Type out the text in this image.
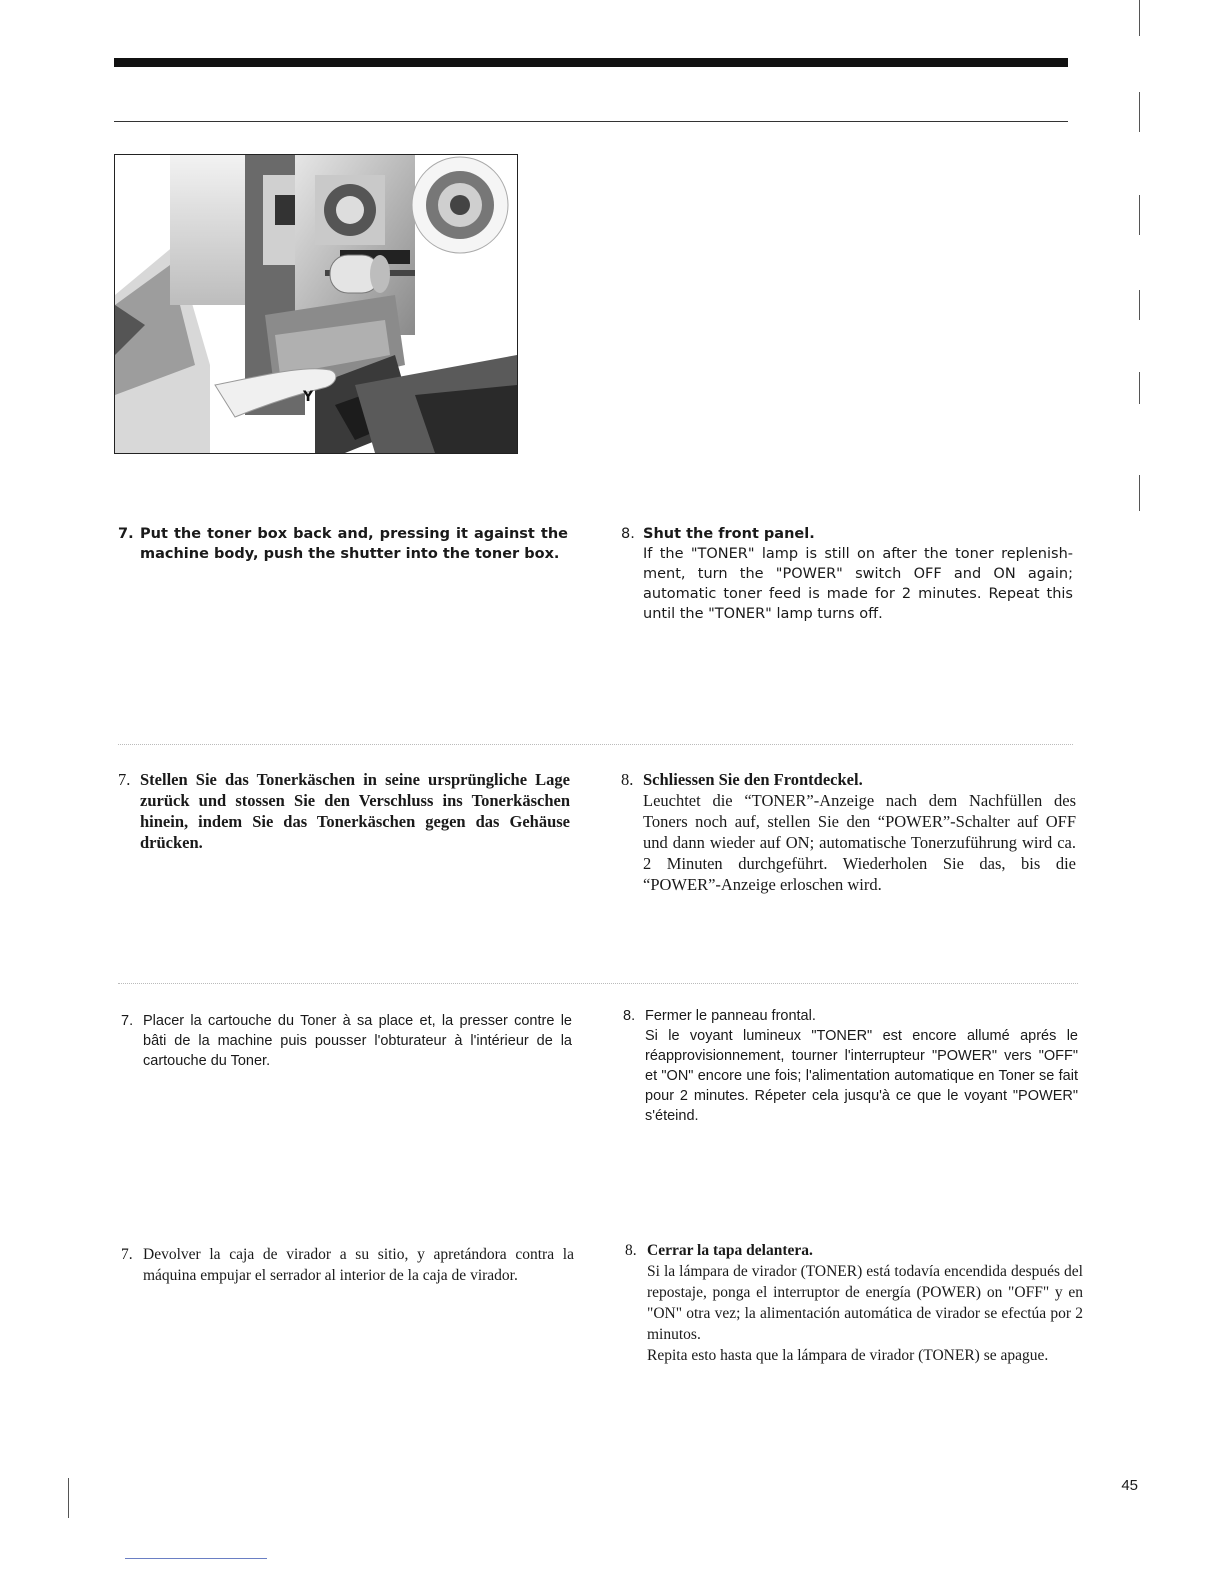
Y
7. Put the toner box back and, pressing it against the machine body, push the shutter into the toner box.
8. Shut the front panel.
If the "TONER" lamp is still on after the toner replenishment, turn the "POWER" switch OFF and ON again; automatic toner feed is made for 2 minutes. Repeat this until the "TONER" lamp turns off.
7. Stellen Sie das Tonerkäschen in seine ursprüngliche Lage zurück und stossen Sie den Verschluss ins Tonerkäschen hinein, indem Sie das Tonerkäschen gegen das Gehäuse drücken.
8. Schliessen Sie den Frontdeckel.
Leuchtet die “TONER”-Anzeige nach dem Nachfüllen des Toners noch auf, stellen Sie den “POWER”-Schalter auf OFF und dann wieder auf ON; automatische Tonerzuführung wird ca. 2 Minuten durchgeführt. Wiederholen Sie das, bis die “POWER”-Anzeige erloschen wird.
7. Placer la cartouche du Toner à sa place et, la presser contre le bâti de la machine puis pousser l'obturateur à l'intérieur de la cartouche du Toner.
8. Fermer le panneau frontal.
Si le voyant lumineux "TONER" est encore allumé aprés le réapprovisionnement, tourner l'interrupteur "POWER" vers "OFF" et "ON" encore une fois; l'alimentation automatique en Toner se fait pour 2 minutes. Répeter cela jusqu'à ce que le voyant "POWER" s'éteind.
7. Devolver la caja de virador a su sitio, y apretándora contra la máquina empujar el serrador al interior de la caja de virador.
8. Cerrar la tapa delantera.
Si la lámpara de virador (TONER) está todavía encendida después del repostaje, ponga el interruptor de energía (POWER) on "OFF" y en "ON" otra vez; la alimentación automática de virador se efectúa por 2 minutos.
Repita esto hasta que la lámpara de virador (TONER) se apague.
45
